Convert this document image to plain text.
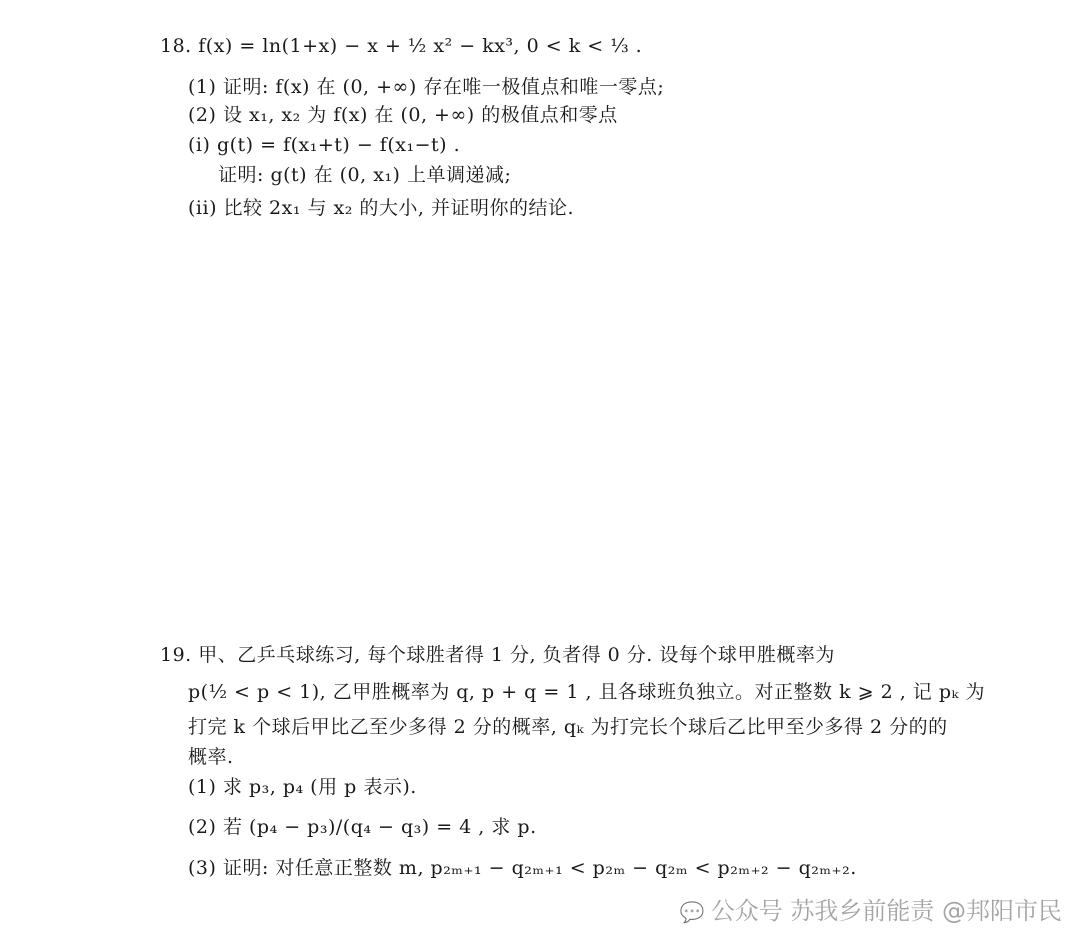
18. f(x) = ln(1+x) − x + ½ x² − kx³, 0 < k < ⅓ .
(1) 证明: f(x) 在 (0, +∞) 存在唯一极值点和唯一零点;
(2) 设 x₁, x₂ 为 f(x) 在 (0, +∞) 的极值点和零点
(i) g(t) = f(x₁+t) − f(x₁−t) .
证明: g(t) 在 (0, x₁) 上单调递减;
(ii) 比较 2x₁ 与 x₂ 的大小, 并证明你的结论.
19. 甲、乙乒乓球练习, 每个球胜者得 1 分, 负者得 0 分. 设每个球甲胜概率为
p(½ < p < 1), 乙甲胜概率为 q, p + q = 1 , 且各球班负独立。对正整数 k ⩾ 2 , 记 pₖ 为
打完 k 个球后甲比乙至少多得 2 分的概率, qₖ 为打完长个球后乙比甲至少多得 2 分的的
概率.
(1) 求 p₃, p₄ (用 p 表示).
(2) 若 (p₄ − p₃)/(q₄ − q₃) = 4 , 求 p.
(3) 证明: 对任意正整数 m, p₂ₘ₊₁ − q₂ₘ₊₁ < p₂ₘ − q₂ₘ < p₂ₘ₊₂ − q₂ₘ₊₂.
💬 公众号 苏我乡前能责 @邦阳市民
